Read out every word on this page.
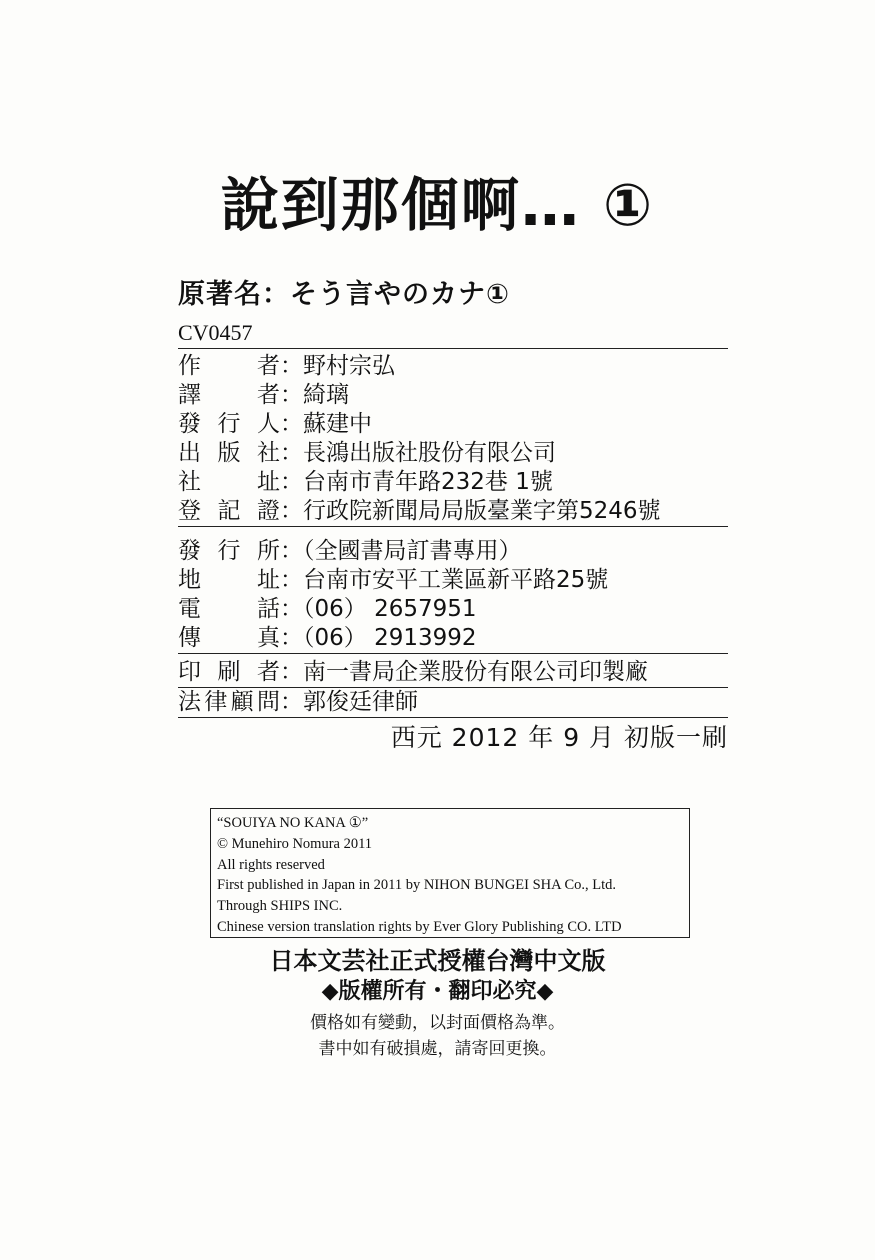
說到那個啊… ①
原著名：そう言やのカナ①
CV0457
作 者 ：野村宗弘
譯 者 ：綺璃
發 行 人 ：蘇建中
出 版 社 ：長鴻出版社股份有限公司
社 址 ：台南市青年路232巷 1號
登 記 證 ：行政院新聞局局版臺業字第5246號
發 行 所 ：（全國書局訂書專用）
地 址 ：台南市安平工業區新平路25號
電 話 ：（06） 2657951
傳 真 ：（06） 2913992
印 刷 者 ：南一書局企業股份有限公司印製廠
法 律 顧 問 ：郭俊廷律師
西元 2012 年 9 月 初版一刷
“SOUIYA NO KANA ①”
© Munehiro Nomura 2011
All rights reserved
First published in Japan in 2011 by NIHON BUNGEI SHA Co., Ltd.
Through SHIPS INC.
Chinese version translation rights by Ever Glory Publishing CO. LTD
日本文芸社正式授權台灣中文版
◆版權所有・翻印必究◆
價格如有變動，以封面價格為準。
書中如有破損處，請寄回更換。
